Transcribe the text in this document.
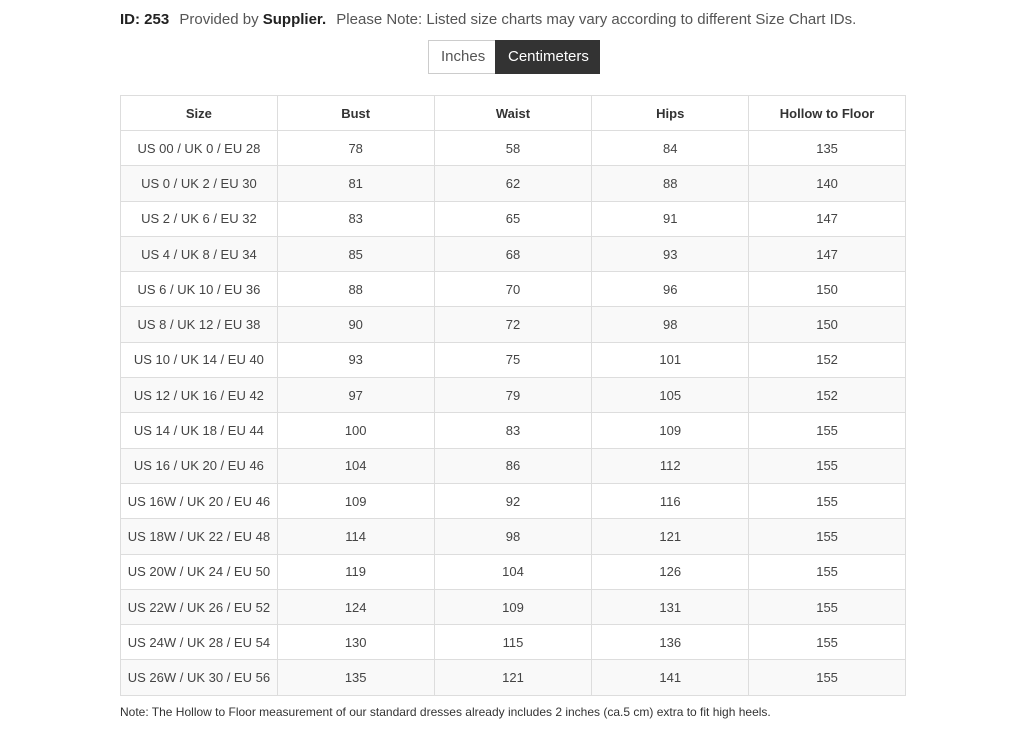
ID: 253 Provided by Supplier. Please Note: Listed size charts may vary according to different Size Chart IDs.
Inches	Centimeters
Size	Bust	Waist	Hips	Hollow to Floor
US 00 / UK 0 / EU 28	78	58	84	135
US 0 / UK 2 / EU 30	81	62	88	140
US 2 / UK 6 / EU 32	83	65	91	147
US 4 / UK 8 / EU 34	85	68	93	147
US 6 / UK 10 / EU 36	88	70	96	150
US 8 / UK 12 / EU 38	90	72	98	150
US 10 / UK 14 / EU 40	93	75	101	152
US 12 / UK 16 / EU 42	97	79	105	152
US 14 / UK 18 / EU 44	100	83	109	155
US 16 / UK 20 / EU 46	104	86	112	155
US 16W / UK 20 / EU 46	109	92	116	155
US 18W / UK 22 / EU 48	114	98	121	155
US 20W / UK 24 / EU 50	119	104	126	155
US 22W / UK 26 / EU 52	124	109	131	155
US 24W / UK 28 / EU 54	130	115	136	155
US 26W / UK 30 / EU 56	135	121	141	155
Note: The Hollow to Floor measurement of our standard dresses already includes 2 inches (ca.5 cm) extra to fit high heels.
